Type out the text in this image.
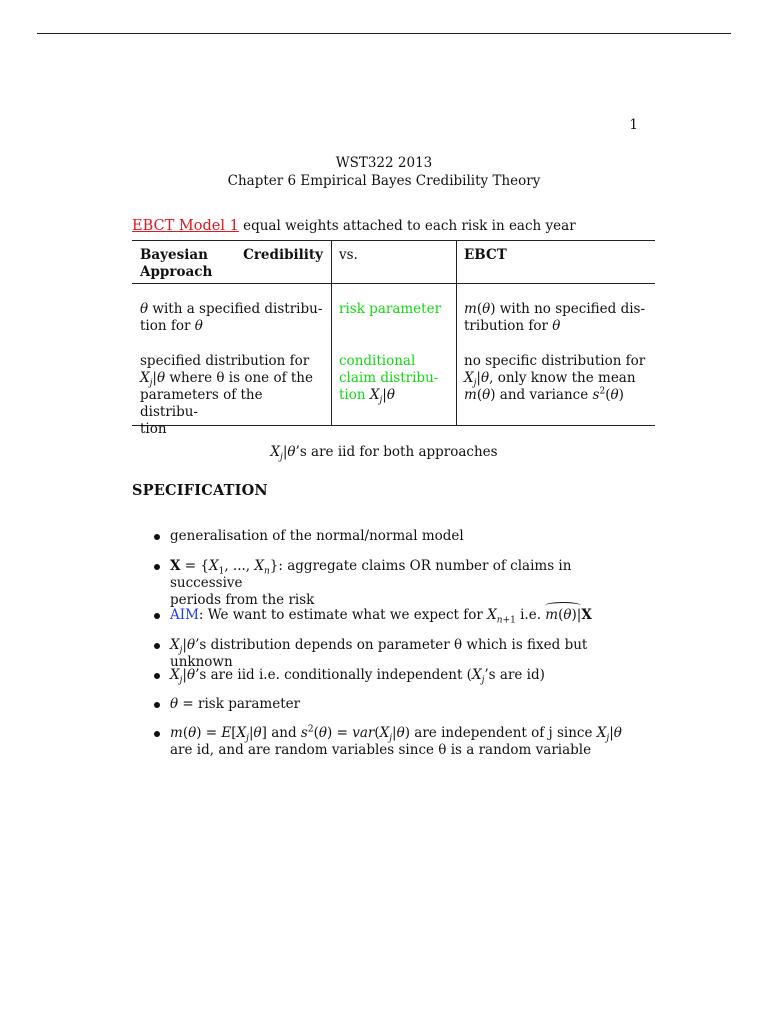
1
WST322 2013
Chapter 6 Empirical Bayes Credibility Theory
EBCT Model 1 equal weights attached to each risk in each year
Bayesian	Credibility
Approach
vs.	EBCT
θ with a specified distribu-
tion for θ
risk parameter m(θ) with no specified dis-
tribution for θ
specified distribution for
$X_j|\theta$ where θ is one of the
parameters of the distribu-
tion
conditional
claim distribu-
tion $X_j|\theta$
no specific distribution for
$X_j|\theta$, only know the mean
m(θ) and variance $s^2(\theta)$
$X_j|\theta’s$ are iid for both approaches
SPECIFICATION
generalisation of the normal/normal model
$X = \{X_1$, ..., $X_n$}: aggregate claims OR number of claims in successive
periods from the risk
AIM: We want to estimate what we expect for $X_{n+1}$ i.e.
m(θ)|X
$X_j|\theta’s$ distribution depends on parameter θ which is fixed but unknown
$X_j|\theta’s$ are iid i.e. conditionally independent ($X_j’s$ are id)
θ = risk parameter
$m(\theta) = E[X_j|\theta]$ and $s^2(\theta) = var(X_j|\theta)$ are independent of j since $X_j|\theta$
are id, and are random variables since θ is a random variable
